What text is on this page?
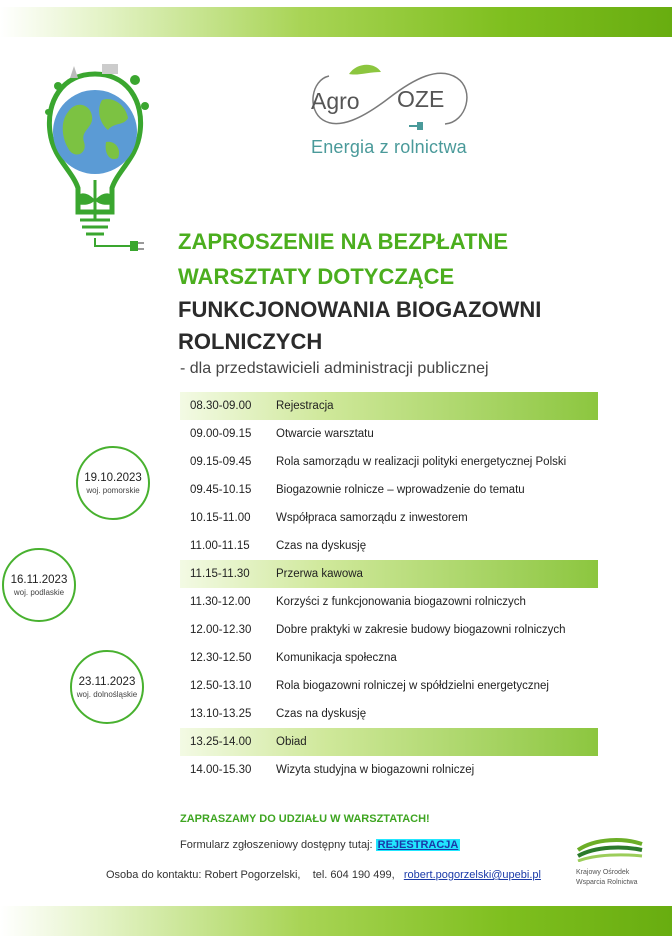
Agro OZE
Energia z rolnictwa
ZAPROSZENIE NA BEZPŁATNE
WARSZTATY DOTYCZĄCE
FUNKCJONOWANIA BIOGAZOWNI
ROLNICZYCH
- dla przedstawicieli administracji publicznej
08.30-09.00	Rejestracja
09.00-09.15	Otwarcie warsztatu
09.15-09.45	Rola samorządu w realizacji polityki energetycznej Polski
09.45-10.15	Biogazownie rolnicze – wprowadzenie do tematu
10.15-11.00	Współpraca samorządu z inwestorem
11.00-11.15	Czas na dyskusję
11.15-11.30	Przerwa kawowa
11.30-12.00	Korzyści z funkcjonowania biogazowni rolniczych
12.00-12.30	Dobre praktyki w zakresie budowy biogazowni rolniczych
12.30-12.50	Komunikacja społeczna
12.50-13.10	Rola biogazowni rolniczej w spółdzielni energetycznej
13.10-13.25	Czas na dyskusję
13.25-14.00	Obiad
14.00-15.30	Wizyta studyjna w biogazowni rolniczej
19.10.2023
woj. pomorskie
16.11.2023
woj. podlaskie
23.11.2023
woj. dolnośląskie
ZAPRASZAMY DO UDZIAŁU W WARSZTATACH!
Formularz zgłoszeniowy dostępny tutaj: REJESTRACJA
Osoba do kontaktu: Robert Pogorzelski, tel. 604 190 499, robert.pogorzelski@upebi.pl	Krajowy Ośrodek
Wsparcia Rolnictwa
